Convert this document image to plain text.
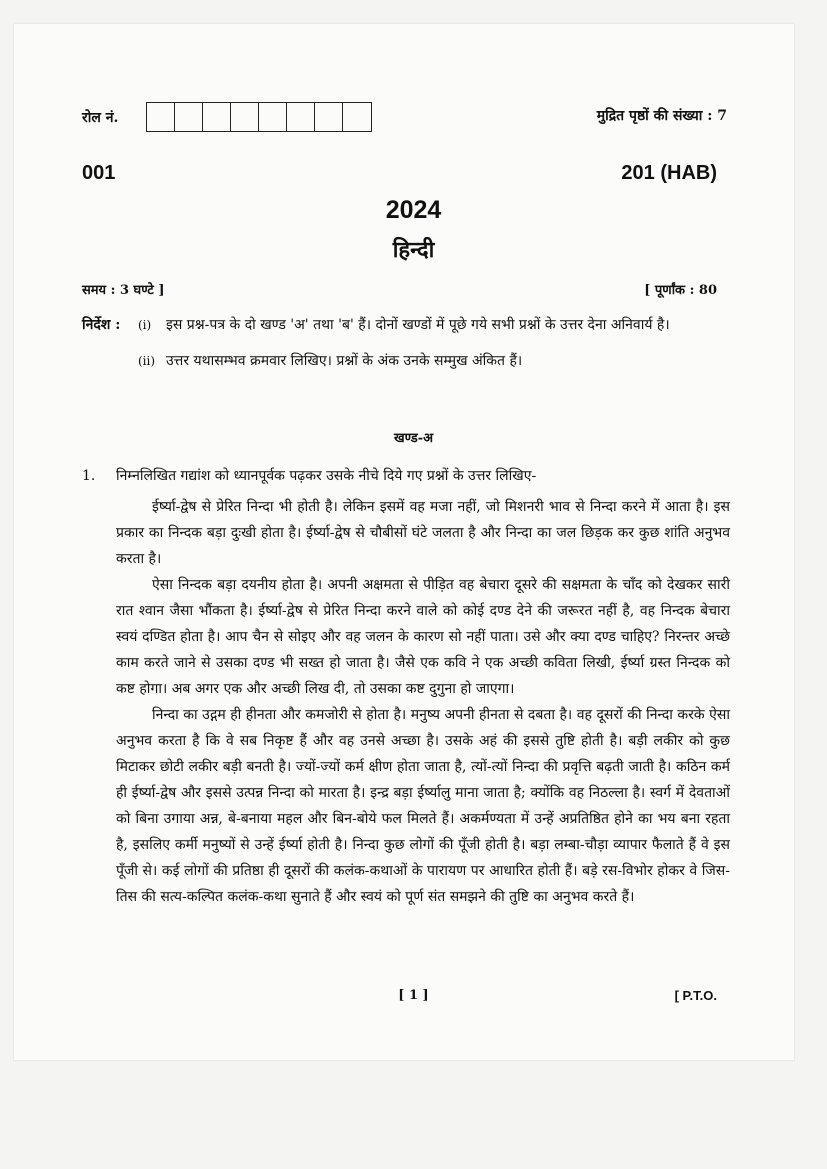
रोल नं.	मुद्रित पृष्ठों की संख्या : 7
001	201 (HAB)
2024
हिन्दी
समय : 3 घण्टे ]	[ पूर्णांक : 80
निर्देश :	(i)	इस प्रश्न-पत्र के दो खण्ड 'अ' तथा 'ब' हैं। दोनों खण्डों में पूछे गये सभी प्रश्नों के उत्तर देना अनिवार्य है।
(ii) उत्तर यथासम्भव क्रमवार लिखिए। प्रश्नों के अंक उनके सम्मुख अंकित हैं।
खण्ड-अ
1.	निम्नलिखित गद्यांश को ध्यानपूर्वक पढ़कर उसके नीचे दिये गए प्रश्नों के उत्तर लिखिए-

ईर्ष्या-द्वेष से प्रेरित निन्दा भी होती है। लेकिन इसमें वह मजा नहीं, जो मिशनरी भाव से निन्दा करने में आता है। इस प्रकार का निन्दक बड़ा दुःखी होता है। ईर्ष्या-द्वेष से चौबीसों घंटे जलता है और निन्दा का जल छिड़क कर कुछ शांति अनुभव करता है।

ऐसा निन्दक बड़ा दयनीय होता है। अपनी अक्षमता से पीड़ित वह बेचारा दूसरे की सक्षमता के चाँद को देखकर सारी रात श्वान जैसा भौंकता है। ईर्ष्या-द्वेष से प्रेरित निन्दा करने वाले को कोई दण्ड देने की जरूरत नहीं है, वह निन्दक बेचारा स्वयं दण्डित होता है। आप चैन से सोइए और वह जलन के कारण सो नहीं पाता। उसे और क्या दण्ड चाहिए? निरन्तर अच्छे काम करते जाने से उसका दण्ड भी सख्त हो जाता है। जैसे एक कवि ने एक अच्छी कविता लिखी, ईर्ष्या ग्रस्त निन्दक को कष्ट होगा। अब अगर एक और अच्छी लिख दी, तो उसका कष्ट दुगुना हो जाएगा।

निन्दा का उद्गम ही हीनता और कमजोरी से होता है। मनुष्य अपनी हीनता से दबता है। वह दूसरों की निन्दा करके ऐसा अनुभव करता है कि वे सब निकृष्ट हैं और वह उनसे अच्छा है। उसके अहं की इससे तुष्टि होती है। बड़ी लकीर को कुछ मिटाकर छोटी लकीर बड़ी बनती है। ज्यों-ज्यों कर्म क्षीण होता जाता है, त्यों-त्यों निन्दा की प्रवृत्ति बढ़ती जाती है। कठिन कर्म ही ईर्ष्या-द्वेष और इससे उत्पन्न निन्दा को मारता है। इन्द्र बड़ा ईर्ष्यालु माना जाता है; क्योंकि वह निठल्ला है। स्वर्ग में देवताओं को बिना उगाया अन्न, बे-बनाया महल और बिन-बोये फल मिलते हैं। अकर्मण्यता में उन्हें अप्रतिष्ठित होने का भय बना रहता है, इसलिए कर्मी मनुष्यों से उन्हें ईर्ष्या होती है। निन्दा कुछ लोगों की पूँजी होती है। बड़ा लम्बा-चौड़ा व्यापार फैलाते हैं वे इस पूँजी से। कई लोगों की प्रतिष्ठा ही दूसरों की कलंक-कथाओं के पारायण पर आधारित होती हैं। बड़े रस-विभोर होकर वे जिस-तिस की सत्य-कल्पित कलंक-कथा सुनाते हैं और स्वयं को पूर्ण संत समझने की तुष्टि का अनुभव करते हैं।

[ 1 ]	[ P.T.O.
